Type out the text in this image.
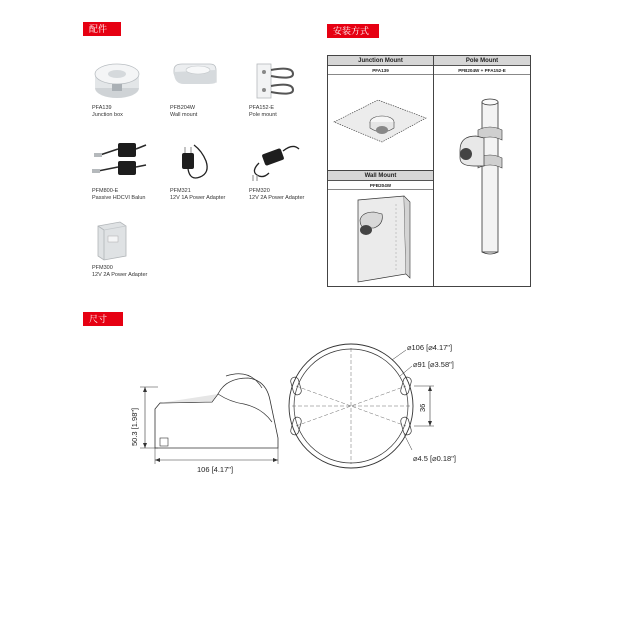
配件	安装方式
尺寸
PFA139
Junction box
PFB204W
Wall mount
PFA152-E
Pole mount
PFM800-E
Passive HDCVI Balun
PFM321
12V 1A Power Adapter
PFM320
12V 2A Power Adapter
PFM300
12V 2A Power Adapter
Junction Mount
PFA139
Pole Mount
PFB204W + PFA152-E
Wall Mount
PFB204W
50.3 [1.98"]
106 [4.17"]
⌀106 [⌀4.17"]
⌀91 [⌀3.58"]
36
⌀4.5 [⌀0.18"]
